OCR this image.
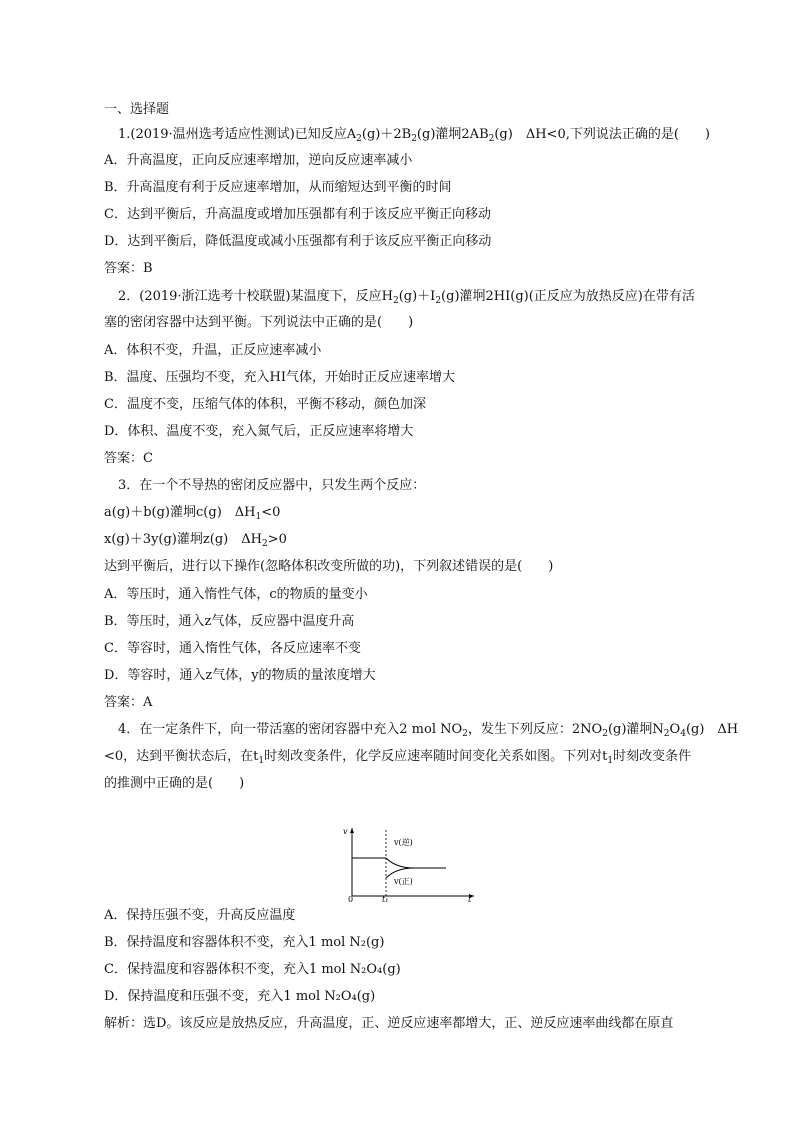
一、选择题
1.(2019·温州选考适应性测试)已知反应$A_2(g)+2B_2(g)$灌坰$2AB_2(g)$　ΔH<0,下列说法正确的是(　　)
A．升高温度，正向反应速率增加，逆向反应速率减小
B．升高温度有利于反应速率增加，从而缩短达到平衡的时间
C．达到平衡后，升高温度或增加压强都有利于该反应平衡正向移动
D．达到平衡后，降低温度或减小压强都有利于该反应平衡正向移动
答案：B
2．(2019·浙江选考十校联盟)某温度下，反应$H_2(g)+I_2(g)$灌坰2HI(g)(正反应为放热反应)在带有活
塞的密闭容器中达到平衡。下列说法中正确的是(　　)
A．体积不变，升温，正反应速率减小
B．温度、压强均不变，充入HI气体，开始时正反应速率增大
C．温度不变，压缩气体的体积，平衡不移动，颜色加深
D．体积、温度不变，充入氮气后，正反应速率将增大
答案：C
3．在一个不导热的密闭反应器中，只发生两个反应：
a(g)＋b(g)灌坰c(g)　$\Delta H_1<0$
x(g)＋3y(g)灌坰z(g)　$\Delta H_2>0$
达到平衡后，进行以下操作(忽略体积改变所做的功)，下列叙述错误的是(　　)
A．等压时，通入惰性气体，c的物质的量变小
B．等压时，通入z气体，反应器中温度升高
C．等容时，通入惰性气体，各反应速率不变
D．等容时，通入z气体，y的物质的量浓度增大
答案：A
4．在一定条件下，向一带活塞的密闭容器中充入2 mol $NO_2$，发生下列反应：$2NO_2(g)$灌坰$N_2O_4(g)$　ΔH
<0，达到平衡状态后，在$t_1$时刻改变条件，化学反应速率随时间变化关系如图。下列对$t_1$时刻改变条件
的推测中正确的是(　　)
v
t
0	t₁
v(逆)
v(正)
A．保持压强不变，升高反应温度
B．保持温度和容器体积不变，充入1 mol N₂(g)
C．保持温度和容器体积不变，充入1 mol N₂O₄(g)
D．保持温度和压强不变，充入1 mol N₂O₄(g)
解析：选D。该反应是放热反应，升高温度，正、逆反应速率都增大，正、逆反应速率曲线都在原直
